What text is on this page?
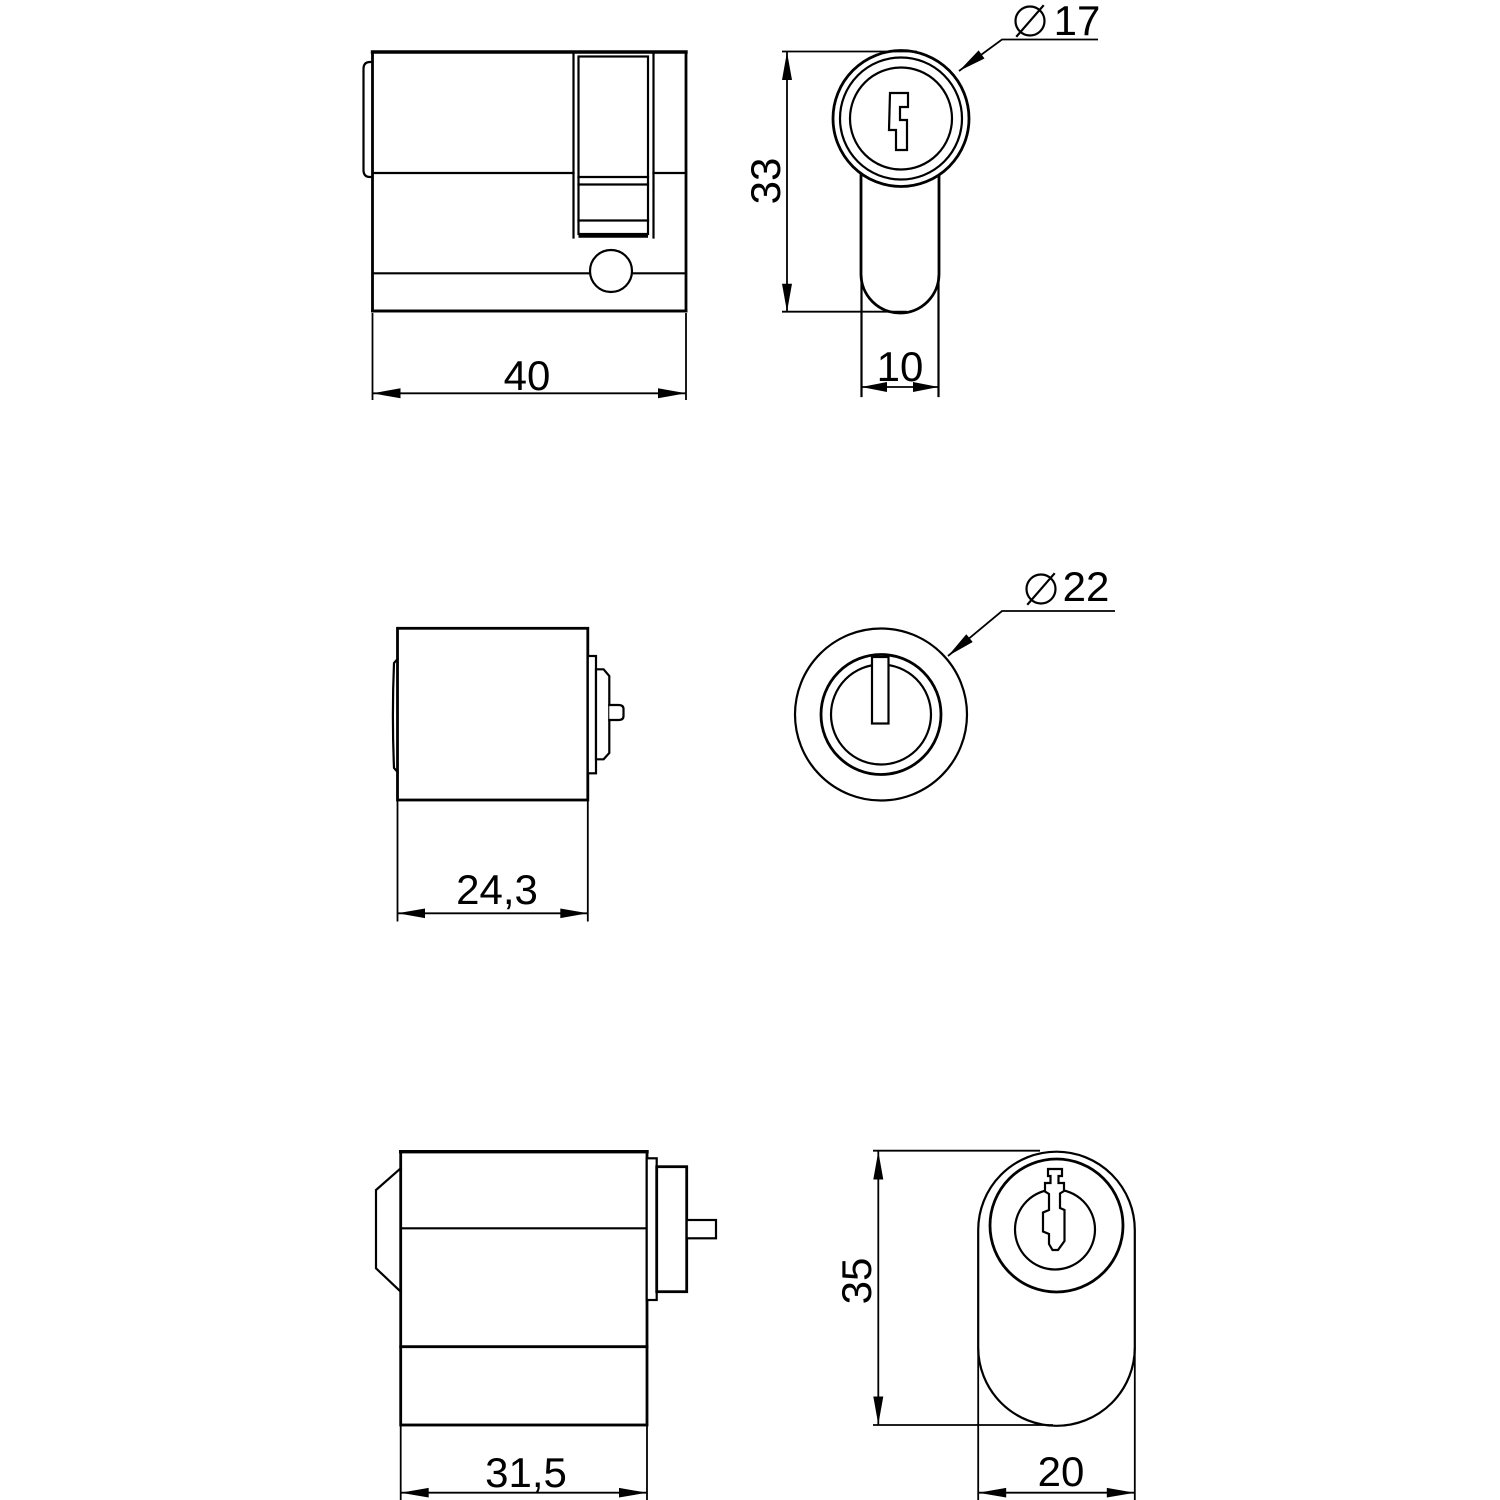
40
33
10
17
24,3
22
31,5
35
20
